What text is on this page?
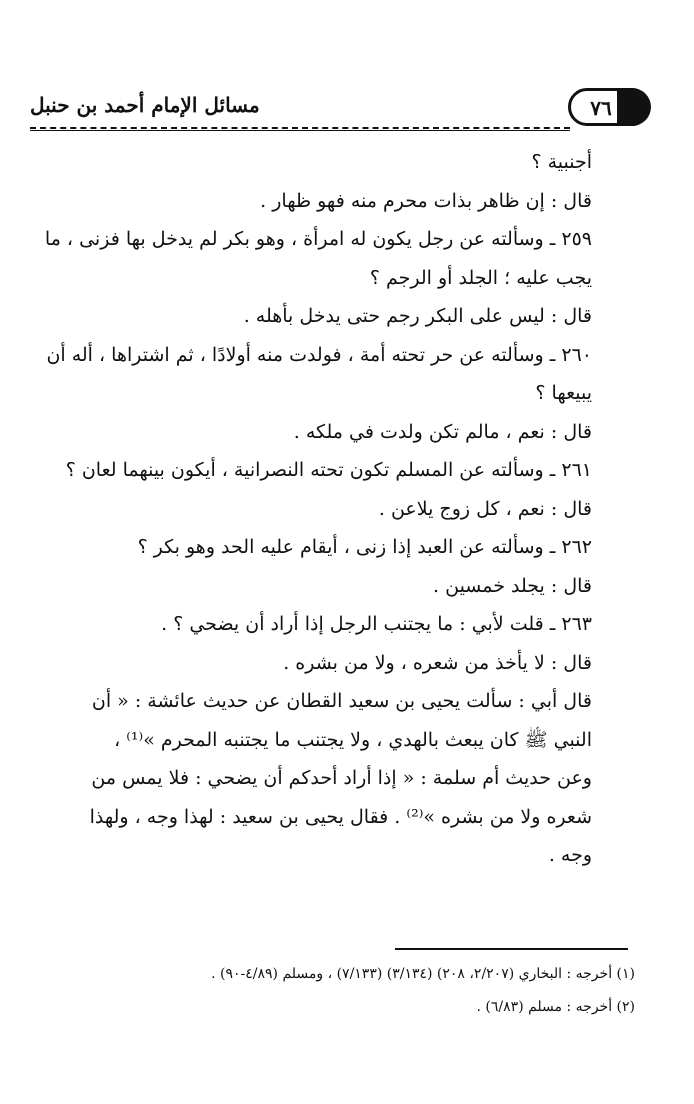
مسائل الإمام أحمد بن حنبل	٧٦

أجنبية ؟

قال : إن ظاهر بذات محرم منه فهو ظهار .

٢٥٩ ـ وسألته عن رجل يكون له امرأة ، وهو بكر لم يدخل بها فزنى ، ما

يجب عليه ؛ الجلد أو الرجم ؟

قال : ليس على البكر رجم حتى يدخل بأهله .

٢٦٠ ـ وسألته عن حر تحته أمة ، فولدت منه أولادًا ، ثم اشتراها ، أله أن

يبيعها ؟

قال : نعم ، مالم تكن ولدت في ملكه .

٢٦١ ـ وسألته عن المسلم تكون تحته النصرانية ، أيكون بينهما لعان ؟

قال : نعم ، كل زوج يلاعن .

٢٦٢ ـ وسألته عن العبد إذا زنى ، أيقام عليه الحد وهو بكر ؟

قال : يجلد خمسين .

٢٦٣ ـ قلت لأبي : ما يجتنب الرجل إذا أراد أن يضحي ؟ .

قال : لا يأخذ من شعره ، ولا من بشره .

قال أبي : سألت يحيى بن سعيد القطان عن حديث عائشة : « أن

النبي ﷺ كان يبعث بالهدي ، ولا يجتنب ما يجتنبه المحرم »⁽¹⁾ ،

وعن حديث أم سلمة : « إذا أراد أحدكم أن يضحي : فلا يمس من

شعره ولا من بشره »⁽²⁾ . فقال يحيى بن سعيد : لهذا وجه ، ولهذا

وجه .

(١) أخرجه : البخاري (٢/٢٠٧، ٢٠٨) (٣/١٣٤) (٧/١٣٣) ، ومسلم (٤/٨٩-٩٠) .

(٢) أخرجه : مسلم (٦/٨٣) .
